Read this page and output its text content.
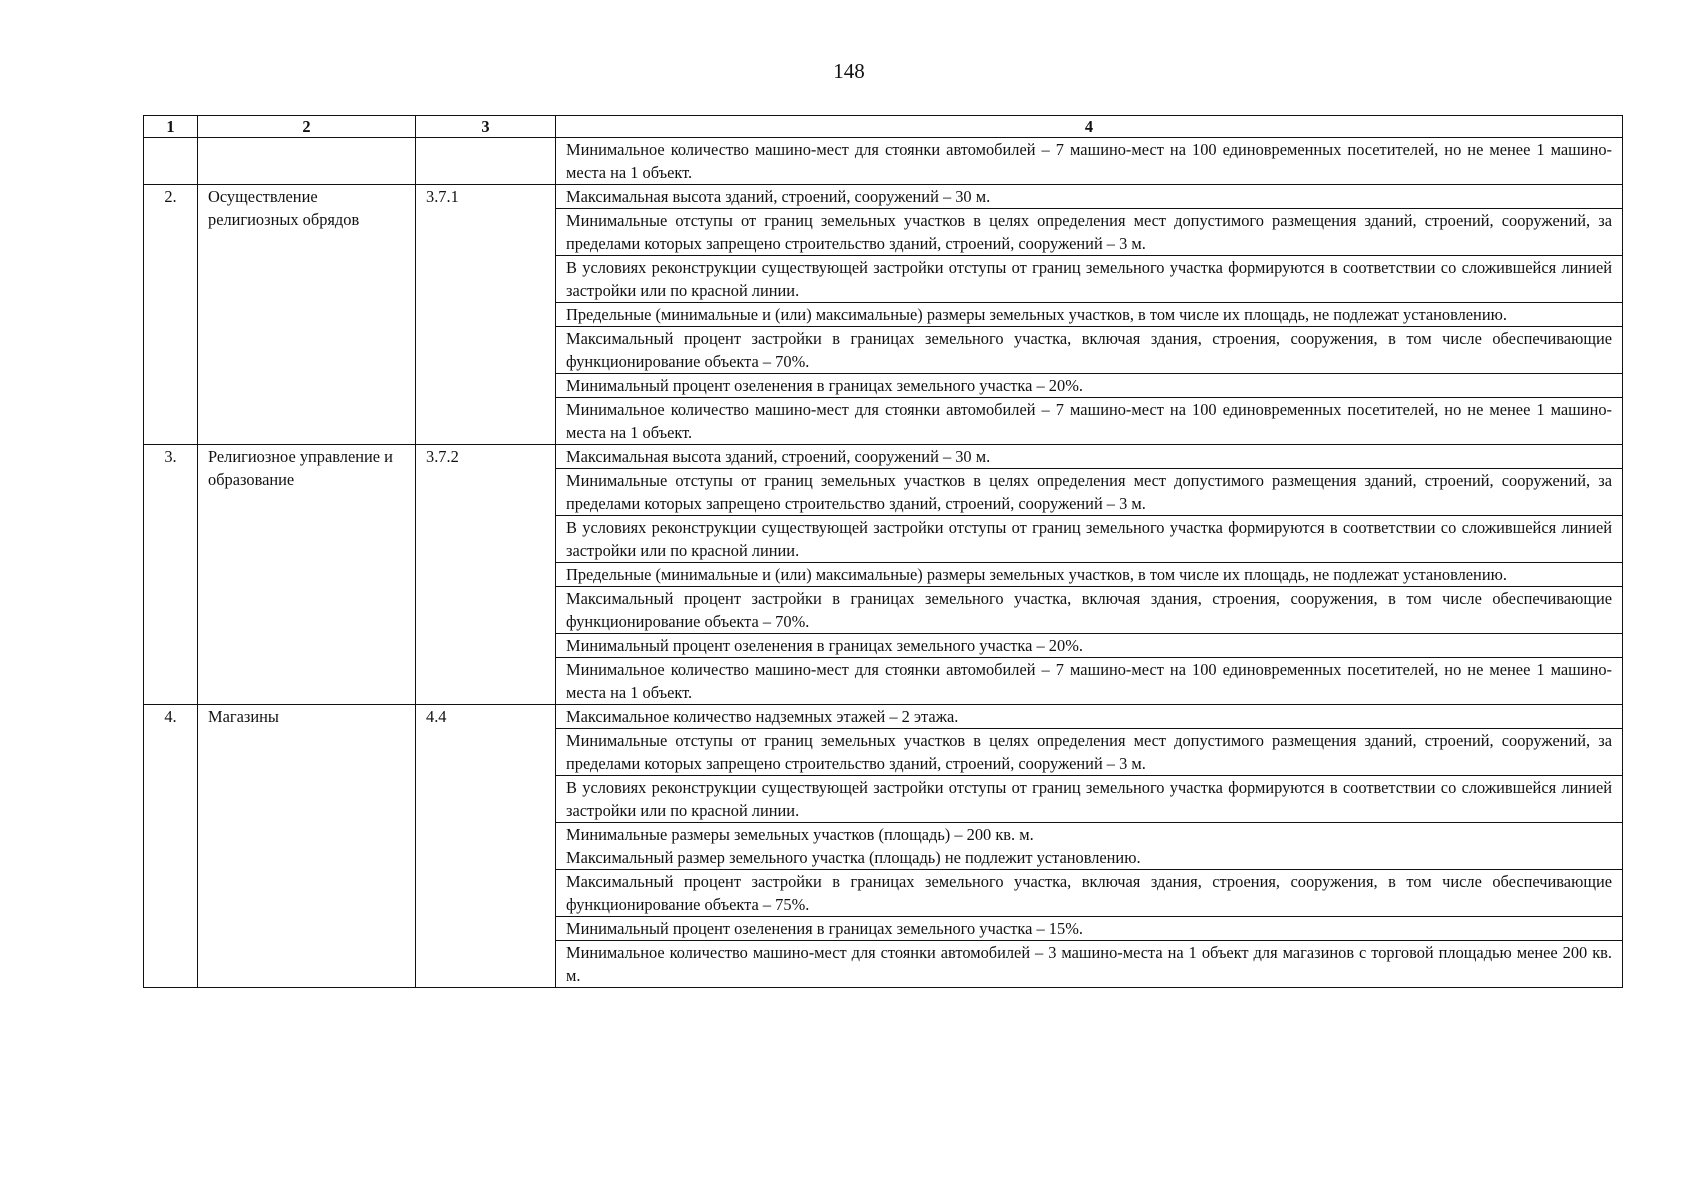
148
1	2	3	4

			Минимальное количество машино-мест для стоянки автомобилей – 7 машино-мест на 100 единовременных посетителей, но не менее 1 машино-места на 1 объект.

2.	Осуществление религиозных обрядов	3.7.1	Максимальная высота зданий, строений, сооружений – 30 м.

			Минимальные отступы от границ земельных участков в целях определения мест допустимого размещения зданий, строений, сооружений, за пределами которых запрещено строительство зданий, строений, сооружений – 3 м.

			В условиях реконструкции существующей застройки отступы от границ земельного участка формируются в соответствии со сложившейся линией застройки или по красной линии.

			Предельные (минимальные и (или) максимальные) размеры земельных участков, в том числе их площадь, не подлежат установлению.

			Максимальный процент застройки в границах земельного участка, включая здания, строения, сооружения, в том числе обеспечивающие функционирование объекта – 70%.

			Минимальный процент озеленения в границах земельного участка – 20%.

			Минимальное количество машино-мест для стоянки автомобилей – 7 машино-мест на 100 единовременных посетителей, но не менее 1 машино-места на 1 объект.

3.	Религиозное управление и образование	3.7.2	Максимальная высота зданий, строений, сооружений – 30 м.

			Минимальные отступы от границ земельных участков в целях определения мест допустимого размещения зданий, строений, сооружений, за пределами которых запрещено строительство зданий, строений, сооружений – 3 м.

			В условиях реконструкции существующей застройки отступы от границ земельного участка формируются в соответствии со сложившейся линией застройки или по красной линии.

			Предельные (минимальные и (или) максимальные) размеры земельных участков, в том числе их площадь, не подлежат установлению.

			Максимальный процент застройки в границах земельного участка, включая здания, строения, сооружения, в том числе обеспечивающие функционирование объекта – 70%.

			Минимальный процент озеленения в границах земельного участка – 20%.

			Минимальное количество машино-мест для стоянки автомобилей – 7 машино-мест на 100 единовременных посетителей, но не менее 1 машино-места на 1 объект.

4.	Магазины	4.4	Максимальное количество надземных этажей – 2 этажа.

			Минимальные отступы от границ земельных участков в целях определения мест допустимого размещения зданий, строений, сооружений, за пределами которых запрещено строительство зданий, строений, сооружений – 3 м.

			В условиях реконструкции существующей застройки отступы от границ земельного участка формируются в соответствии со сложившейся линией застройки или по красной линии.

			Минимальные размеры земельных участков (площадь) – 200 кв. м.
Максимальный размер земельного участка (площадь) не подлежит установлению.

			Максимальный процент застройки в границах земельного участка, включая здания, строения, сооружения, в том числе обеспечивающие функционирование объекта – 75%.

			Минимальный процент озеленения в границах земельного участка – 15%.

			Минимальное количество машино-мест для стоянки автомобилей – 3 машино-места на 1 объект для магазинов с торговой площадью менее 200 кв. м.
